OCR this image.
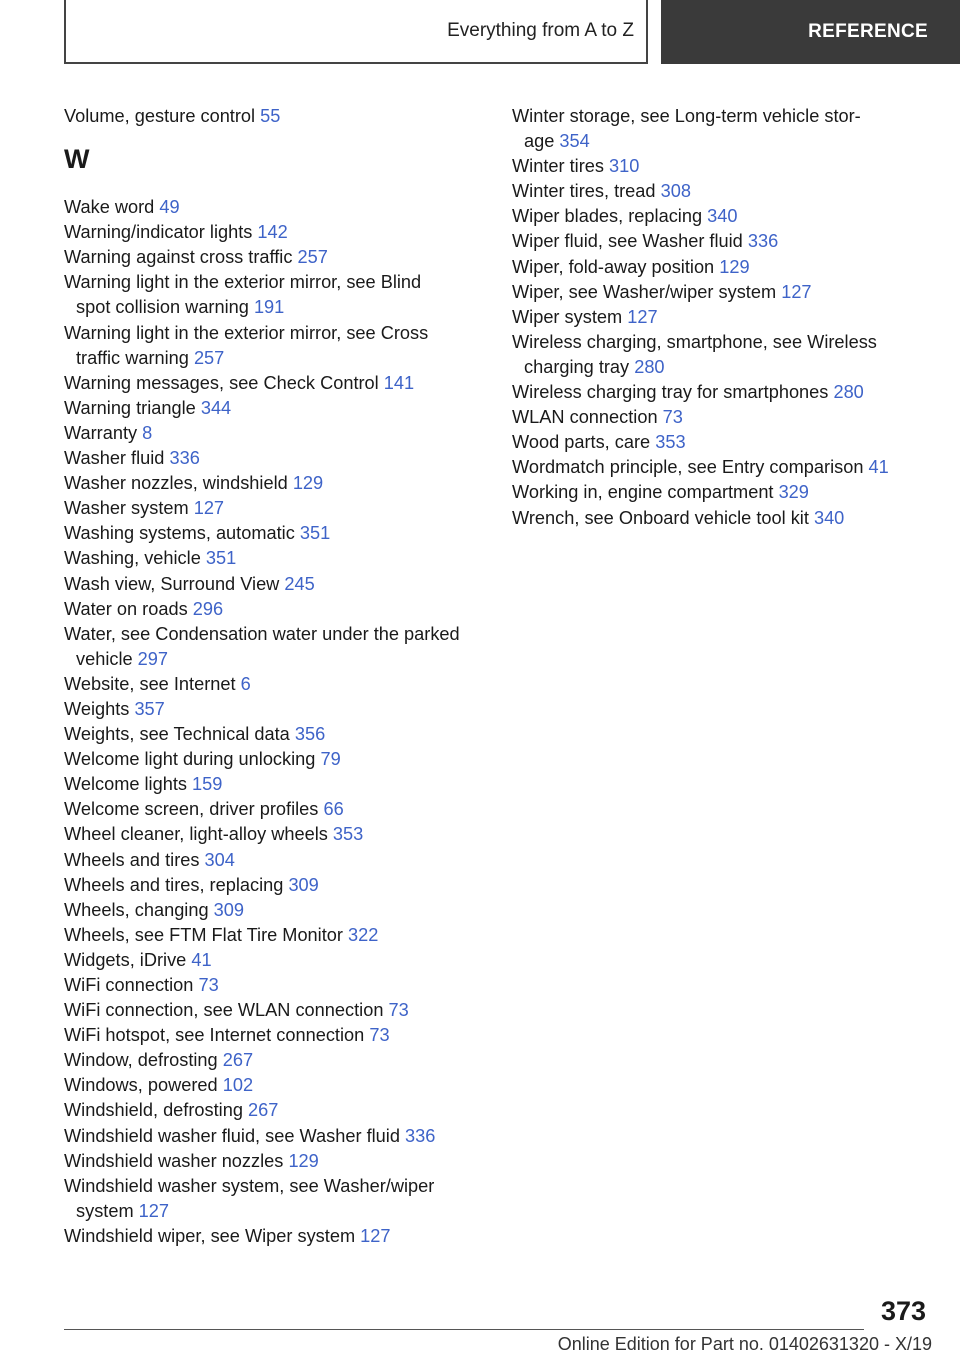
Everything from A to Z	REFERENCE
Volume, gesture control 55
W
Wake word 49
Warning/indicator lights 142
Warning against cross traffic 257
Warning light in the exterior mirror, see Blind
spot collision warning 191
Warning light in the exterior mirror, see Cross
traffic warning 257
Warning messages, see Check Control 141
Warning triangle 344
Warranty 8
Washer fluid 336
Washer nozzles, windshield 129
Washer system 127
Washing systems, automatic 351
Washing, vehicle 351
Wash view, Surround View 245
Water on roads 296
Water, see Condensation water under the parked
vehicle 297
Website, see Internet 6
Weights 357
Weights, see Technical data 356
Welcome light during unlocking 79
Welcome lights 159
Welcome screen, driver profiles 66
Wheel cleaner, light-alloy wheels 353
Wheels and tires 304
Wheels and tires, replacing 309
Wheels, changing 309
Wheels, see FTM Flat Tire Monitor 322
Widgets, iDrive 41
WiFi connection 73
WiFi connection, see WLAN connection 73
WiFi hotspot, see Internet connection 73
Window, defrosting 267
Windows, powered 102
Windshield, defrosting 267
Windshield washer fluid, see Washer fluid 336
Windshield washer nozzles 129
Windshield washer system, see Washer/wiper
system 127
Windshield wiper, see Wiper system 127
Winter storage, see Long-term vehicle stor-
age 354
Winter tires 310
Winter tires, tread 308
Wiper blades, replacing 340
Wiper fluid, see Washer fluid 336
Wiper, fold-away position 129
Wiper, see Washer/wiper system 127
Wiper system 127
Wireless charging, smartphone, see Wireless
charging tray 280
Wireless charging tray for smartphones 280
WLAN connection 73
Wood parts, care 353
Wordmatch principle, see Entry comparison 41
Working in, engine compartment 329
Wrench, see Onboard vehicle tool kit 340
373
Online Edition for Part no. 01402631320 - X/19
